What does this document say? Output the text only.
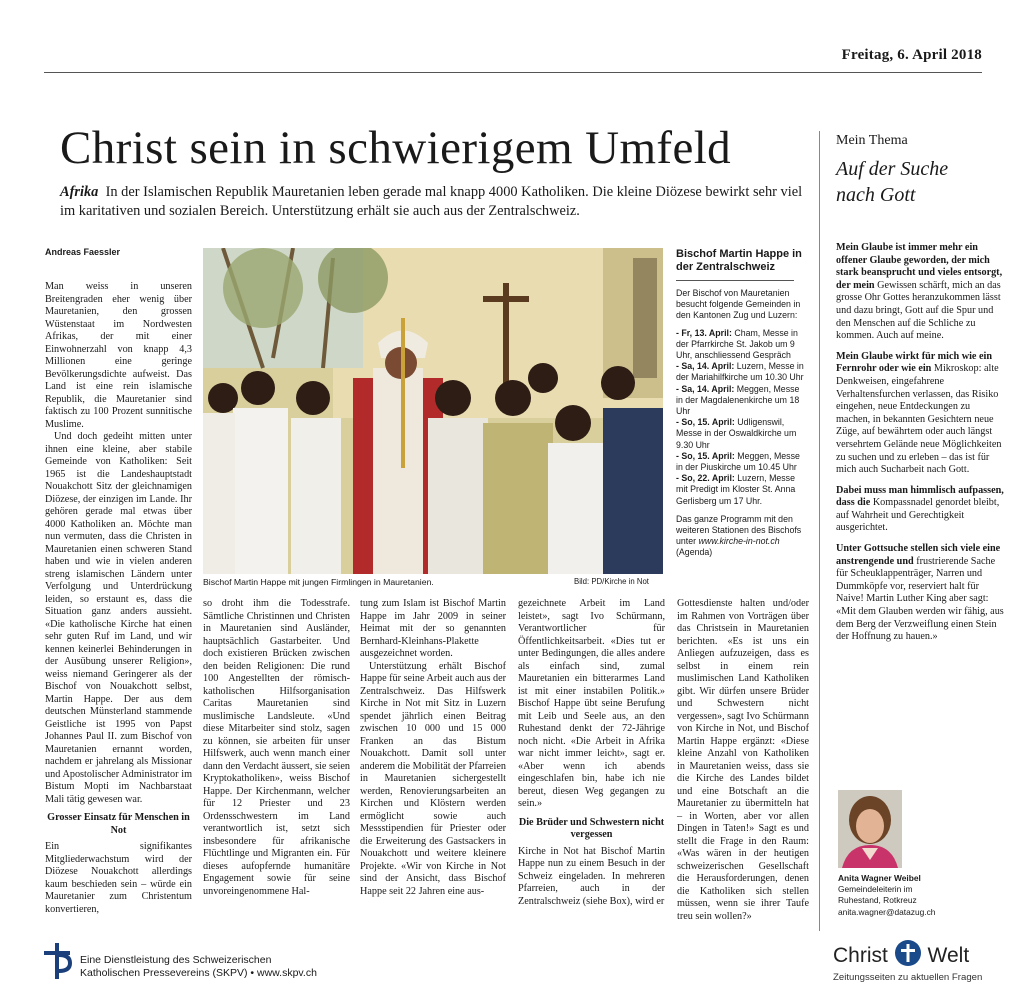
Freitag, 6. April 2018
Christ sein in schwierigem Umfeld
Afrika In der Islamischen Republik Mauretanien leben gerade mal knapp 4000 Katholiken. Die kleine Diözese bewirkt sehr viel im karitativen und sozialen Bereich. Unterstützung erhält sie auch aus der Zentralschweiz.
Andreas Faessler

Man weiss in unseren Breitengraden eher wenig über Mauretanien, den grossen Wüstenstaat im Nordwesten Afrikas, der mit einer Einwohnerzahl von knapp 4,3 Millionen eine geringe Bevölkerungsdichte aufweist. Das Land ist eine rein islamische Republik, die Mauretanier sind faktisch zu 100 Prozent sunnitische Muslime.

Und doch gedeiht mitten unter ihnen eine kleine, aber stabile Gemeinde von Katholiken: Seit 1965 ist die Landeshauptstadt Nouakchott Sitz der gleichnamigen Diözese, der einzigen im Lande. Ihr gehören gerade mal etwas über 4000 Katholiken an. Möchte man nun vermuten, dass die Christen in Mauretanien einen schweren Stand haben und wie in vielen anderen streng islamischen Ländern unter Verfolgung und Unterdrückung leiden, so erstaunt es, dass die Situation ganz anders aussieht. «Die katholische Kirche hat einen sehr guten Ruf im Land, und wir kennen keinerlei Behinderungen in der Ausübung unserer Religion», weiss niemand Geringerer als der Bischof von Nouakchott selbst, Martin Happe. Der aus dem deutschen Münsterland stammende Geistliche ist 1995 von Papst Johannes Paul II. zum Bischof von Mauretanien ernannt worden, nachdem er jahrelang als Missionar und Apostolischer Administrator im Bistum Mopti im Nachbarstaat Mali tätig gewesen war.

Grosser Einsatz für Menschen in Not

Ein signifikantes Mitgliederwachstum wird der Diözese Nouakchott allerdings kaum beschieden sein – würde ein Mauretanier zum Christentum konvertieren,

Bischof Martin Happe mit jungen Firmlingen in Mauretanien.	Bild: PD/Kirche in Not
Bischof Martin Happe in der Zentralschweiz
Der Bischof von Mauretanien besucht folgende Gemeinden in den Kantonen Zug und Luzern:
- Fr, 13. April: Cham, Messe in der Pfarrkirche St. Jakob um 9 Uhr, anschliessend Gespräch
- Sa, 14. April: Luzern, Messe in der Mariahilfkirche um 10.30 Uhr
- Sa, 14. April: Meggen, Messe in der Magdalenenkirche um 18 Uhr
- So, 15. April: Udligenswil, Messe in der Oswaldkirche um 9.30 Uhr
- So, 15. April: Meggen, Messe in der Piuskirche um 10.45 Uhr
- So, 22. April: Luzern, Messe mit Predigt im Kloster St. Anna Gerlisberg um 17 Uhr.
Das ganze Programm mit den weiteren Stationen des Bischofs unter www.kirche-in-not.ch (Agenda)

so droht ihm die Todesstrafe. Sämtliche Christinnen und Christen in Mauretanien sind Ausländer, hauptsächlich Gastarbeiter. Und doch existieren Brücken zwischen den beiden Religionen: Die rund 100 Angestellten der römisch-katholischen Hilfsorganisation Caritas Mauretanien sind muslimische Landsleute. «Und diese Mitarbeiter sind stolz, sagen zu können, sie arbeiten für unser Hilfswerk, auch wenn manch einer dann den Verdacht äussert, sie seien Kryptokatholiken», weiss Bischof Happe. Der Kirchenmann, welcher für 12 Priester und 23 Ordensschwestern im Land verantwortlich ist, setzt sich insbesondere für afrikanische Flüchtlinge und Migranten ein. Für dieses aufopfernde humanitäre Engagement sowie für seine unvoreingenommene Hal-

tung zum Islam ist Bischof Martin Happe im Jahr 2009 in seiner Heimat mit der so genannten Bernhard-Kleinhans-Plakette ausgezeichnet worden.

Unterstützung erhält Bischof Happe für seine Arbeit auch aus der Zentralschweiz. Das Hilfswerk Kirche in Not mit Sitz in Luzern spendet jährlich einen Beitrag zwischen 10 000 und 15 000 Franken an das Bistum Nouakchott. Damit soll unter anderem die Mobilität der Pfarreien in Mauretanien sichergestellt werden, Renovierungsarbeiten an Kirchen und Klöstern werden ermöglicht sowie auch Messstipendien für Priester oder die Erweiterung des Gastsackers in Nouakchott und weitere kleinere Projekte. «Wir von Kirche in Not sind der Ansicht, dass Bischof Happe seit 22 Jahren eine aus-

gezeichnete Arbeit im Land leistet», sagt Ivo Schürmann, Verantwortlicher für Öffentlichkeitsarbeit. «Dies tut er unter Bedingungen, die alles andere als einfach sind, zumal Mauretanien ein bitterarmes Land ist mit einer instabilen Politik.» Bischof Happe übt seine Berufung mit Leib und Seele aus, an den Ruhestand denkt der 72-Jährige noch nicht. «Die Arbeit in Afrika war nicht immer leicht», sagt er. «Aber wenn ich abends eingeschlafen bin, habe ich nie bereut, diesen Weg gegangen zu sein.»

Die Brüder und Schwestern nicht vergessen

Kirche in Not hat Bischof Martin Happe nun zu einem Besuch in der Schweiz eingeladen. In mehreren Pfarreien, auch in der Zentralschweiz (siehe Box), wird er

Gottesdienste halten und/oder im Rahmen von Vorträgen über das Christsein in Mauretanien berichten. «Es ist uns ein Anliegen aufzuzeigen, dass es selbst in einem rein muslimischen Land Katholiken gibt. Wir dürfen unsere Brüder und Schwestern nicht vergessen», sagt Ivo Schürmann von Kirche in Not, und Bischof Martin Happe ergänzt: «Diese kleine Anzahl von Katholiken in Mauretanien weiss, dass sie die Kirche des Landes bildet und eine Botschaft an die Mauretanier zu übermitteln hat – in Worten, aber vor allen Dingen in Taten!» Sagt es und stellt die Frage in den Raum: «Was wären in der heutigen schweizerischen Gesellschaft die Herausforderungen, denen die Katholiken sich stellen müssen, wenn sie ihrer Taufe treu sein wollen?»

Mein Thema
Auf der Suche nach Gott

Mein Glaube ist immer mehr ein offener Glaube geworden, der mich stark beansprucht und vieles entsorgt, der mein Gewissen schärft, mich an das grosse Ohr Gottes heranzukommen lässt und dazu bringt, Gott auf die Spur und den Menschen auf die Schliche zu kommen. Auch auf meine.

Mein Glaube wirkt für mich wie ein Fernrohr oder wie ein Mikroskop: alte Denkweisen, eingefahrene Verhaltensfurchen verlassen, das Risiko eingehen, neue Entdeckungen zu machen, in bekannten Gesichtern neue Züge, auf bewährtem oder auch längst versehrtem Gelände neue Möglichkeiten zu suchen und zu erleben – das ist für mich auch Sucharbeit nach Gott.

Dabei muss man himmlisch aufpassen, dass die Kompassnadel genordet bleibt, auf Wahrheit und Gerechtigkeit ausgerichtet.

Unter Gottsuche stellen sich viele eine anstrengende und frustrierende Sache für Scheuklappenträger, Narren und Dummköpfe vor, reserviert halt für Naive! Martin Luther King aber sagt: «Mit dem Glauben werden wir fähig, aus dem Berg der Verzweiflung einen Stein der Hoffnung zu hauen.»

Anita Wagner Weibel
Gemeindeleiterin im
Ruhestand, Rotkreuz
anita.wagner@datazug.ch
Eine Dienstleistung des Schweizerischen
Katholischen Pressevereins (SKPV) • www.skpv.ch
Christ Welt
Zeitungsseiten zu aktuellen Fragen
